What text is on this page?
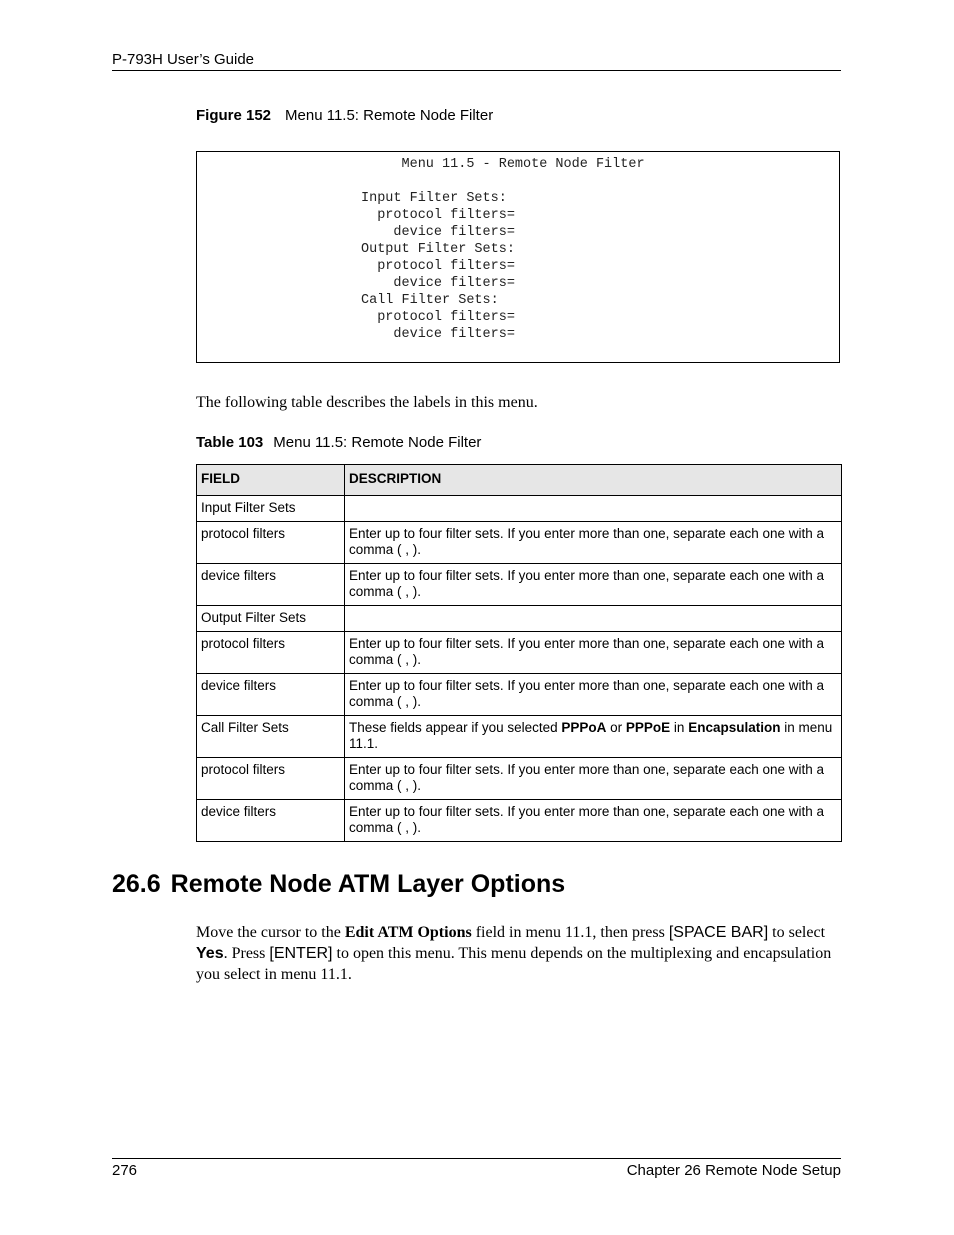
P-793H User’s Guide
Figure 152 Menu 11.5: Remote Node Filter
Menu 11.5 - Remote Node Filter

Input Filter Sets:
protocol filters=
device filters=
Output Filter Sets:
protocol filters=
device filters=
Call Filter Sets:
protocol filters=
device filters=
The following table describes the labels in this menu.
Table 103 Menu 11.5: Remote Node Filter
FIELD	DESCRIPTION
Input Filter Sets	
protocol filters	Enter up to four filter sets. If you enter more than one, separate each one with a comma ( , ).
device filters	Enter up to four filter sets. If you enter more than one, separate each one with a comma ( , ).
Output Filter Sets	
protocol filters	Enter up to four filter sets. If you enter more than one, separate each one with a comma ( , ).
device filters	Enter up to four filter sets. If you enter more than one, separate each one with a comma ( , ).
Call Filter Sets	These fields appear if you selected PPPoA or PPPoE in Encapsulation in menu 11.1.
protocol filters	Enter up to four filter sets. If you enter more than one, separate each one with a comma ( , ).
device filters	Enter up to four filter sets. If you enter more than one, separate each one with a comma ( , ).
26.6 Remote Node ATM Layer Options
Move the cursor to the Edit ATM Options field in menu 11.1, then press [SPACE BAR] to select Yes. Press [ENTER] to open this menu. This menu depends on the multiplexing and encapsulation you select in menu 11.1.
276	Chapter 26 Remote Node Setup
